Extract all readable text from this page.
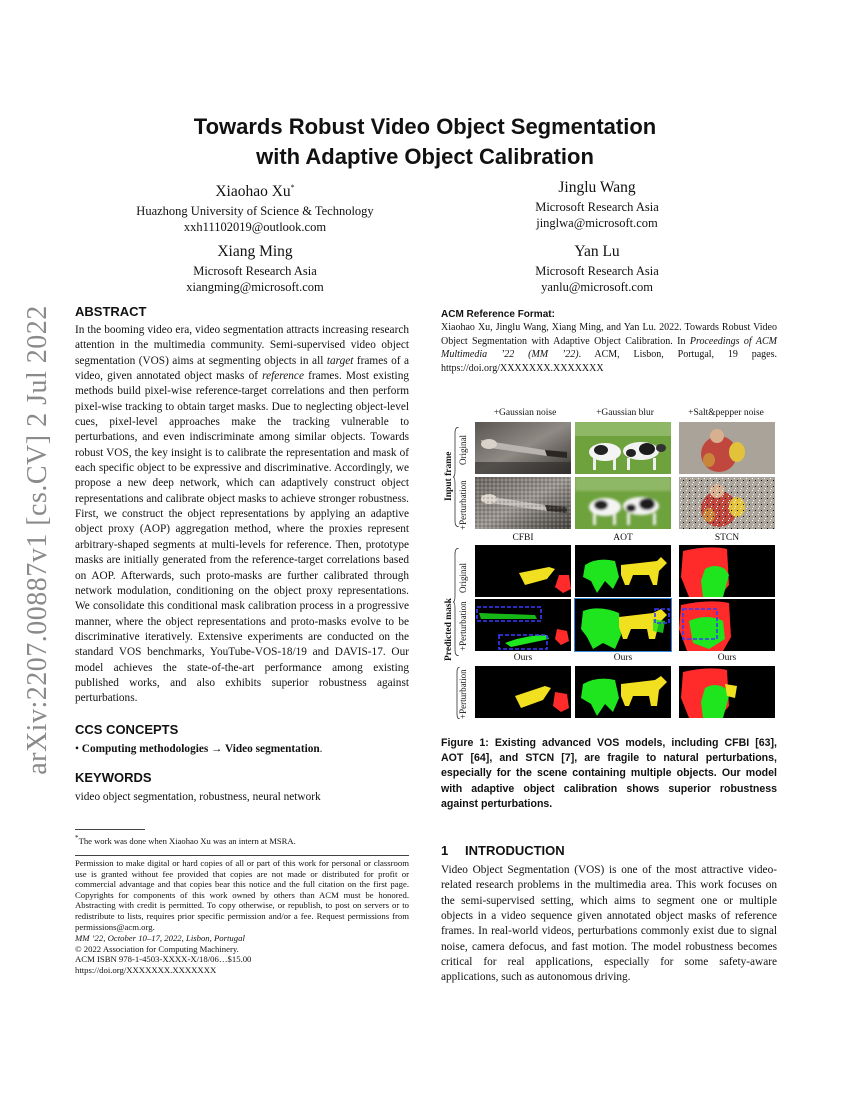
Towards Robust Video Object Segmentation
with Adaptive Object Calibration
Xiaohao Xu*
Huazhong University of Science & Technology
xxh11102019@outlook.com
Jinglu Wang
Microsoft Research Asia
jinglwa@microsoft.com
Xiang Ming
Microsoft Research Asia
xiangming@microsoft.com
Yan Lu
Microsoft Research Asia
yanlu@microsoft.com
arXiv:2207.00887v1 [cs.CV] 2 Jul 2022 ABSTRACT

In the booming video era, video segmentation attracts increasing research attention in the multimedia community. Semi-supervised video object segmentation (VOS) aims at segmenting objects in all target frames of a video, given annotated object masks of reference frames. Most existing methods build pixel-wise reference-target correlations and then perform pixel-wise tracking to obtain target masks. Due to neglecting object-level cues, pixel-level approaches make the tracking vulnerable to perturbations, and even indiscriminate among similar objects. Towards robust VOS, the key insight is to calibrate the representation and mask of each specific object to be expressive and discriminative. Accordingly, we propose a new deep network, which can adaptively construct object representations and calibrate object masks to achieve stronger robustness. First, we construct the object representations by applying an adaptive object proxy (AOP) aggregation method, where the proxies represent arbitrary-shaped segments at multi-levels for reference. Then, prototype masks are initially generated from the reference-target correlations based on AOP. Afterwards, such proto-masks are further calibrated through network modulation, conditioning on the object proxy representations. We consolidate this conditional mask calibration process in a progressive manner, where the object representations and proto-masks evolve to be discriminative iteratively. Extensive experiments are conducted on the standard VOS benchmarks, YouTube-VOS-18/19 and DAVIS-17. Our model achieves the state-of-the-art performance among existing published works, and also exhibits superior robustness against perturbations.

CCS CONCEPTS

• Computing methodologies → Video segmentation.

KEYWORDS

video object segmentation, robustness, neural network

*The work was done when Xiaohao Xu was an intern at MSRA.
Permission to make digital or hard copies of all or part of this work for personal or classroom use is granted without fee provided that copies are not made or distributed for profit or commercial advantage and that copies bear this notice and the full citation on the first page. Copyrights for components of this work owned by others than ACM must be honored. Abstracting with credit is permitted. To copy otherwise, or republish, to post on servers or to redistribute to lists, requires prior specific permission and/or a fee. Request permissions from permissions@acm.org.
MM ’22, October 10–17, 2022, Lisbon, Portugal
© 2022 Association for Computing Machinery.
ACM ISBN 978-1-4503-XXXX-X/18/06…$15.00
https://doi.org/XXXXXXX.XXXXXXX
ACM Reference Format:

Xiaohao Xu, Jinglu Wang, Xiang Ming, and Yan Lu. 2022. Towards Robust Video Object Segmentation with Adaptive Object Calibration. In Proceedings of ACM Multimedia ’22 (MM ’22). ACM, Lisbon, Portugal, 19 pages. https://doi.org/XXXXXXX.XXXXXXX

+Gaussian noise	+Gaussian blur	+Salt&pepper noise
Input frame
Original
+Perturbation
CFBI	AOT	STCN
Predicted mask
Original
+Perturbation
Ours	Ours	Ours
+Perturbation
Figure 1: Existing advanced VOS models, including CFBI [63], AOT [64], and STCN [7], are fragile to natural perturbations, especially for the scene containing multiple objects. Our model with adaptive object calibration shows superior robustness against perturbations.
1 INTRODUCTION

Video Object Segmentation (VOS) is one of the most attractive video-related research problems in the multimedia area. This work focuses on the semi-supervised setting, which aims to segment one or multiple objects in a video sequence given annotated object masks of reference frames. In real-world videos, perturbations commonly exist due to signal noise, camera defocus, and fast motion. The model robustness becomes critical for real applications, especially for some safety-aware applications, such as autonomous driving.
